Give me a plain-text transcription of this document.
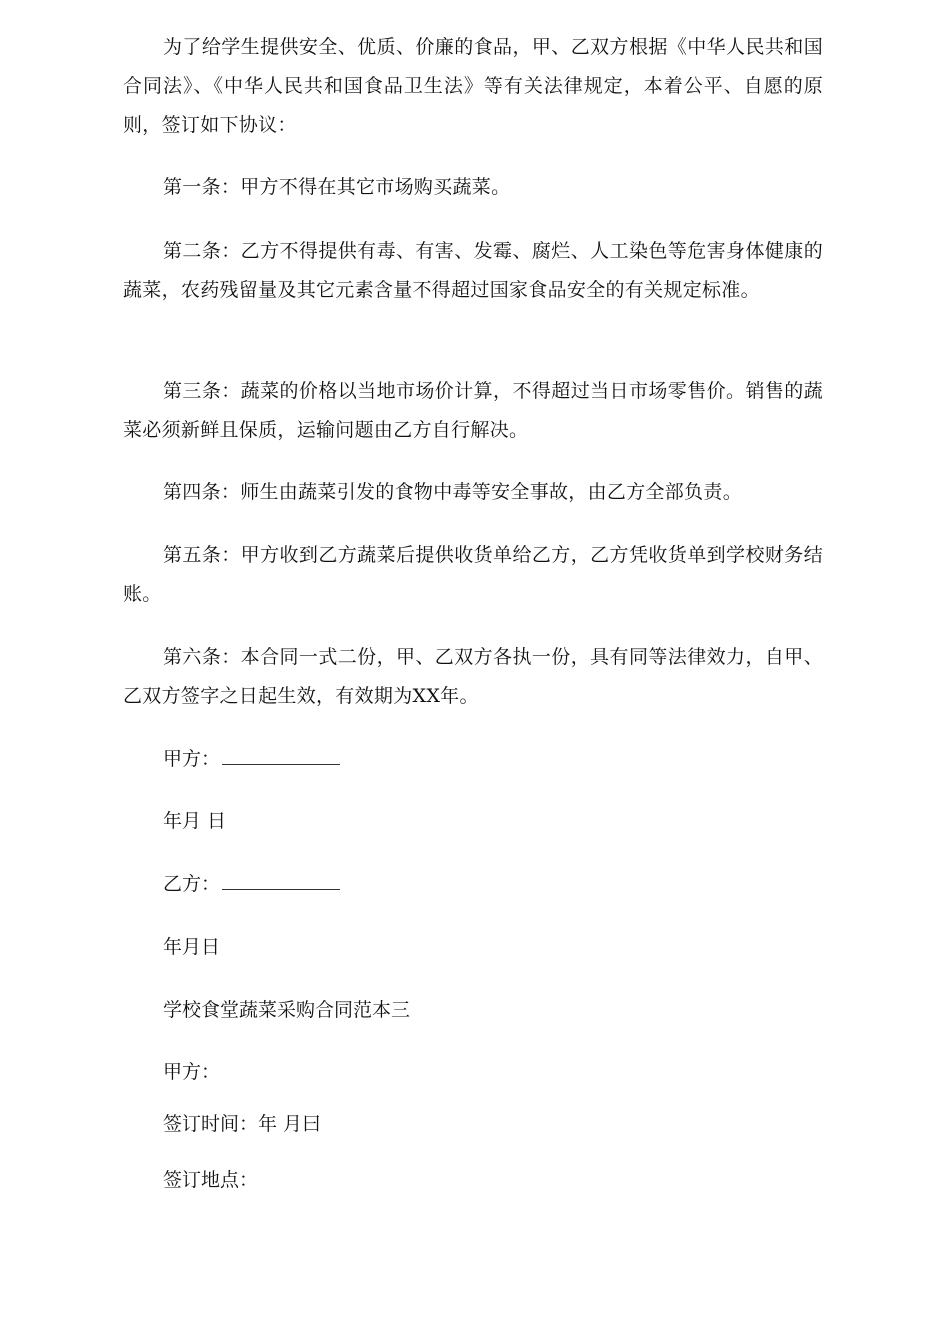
为了给学生提供安全、优质、价廉的食品，甲、乙双方根据《中华人民共和国合同法》、《中华人民共和国食品卫生法》等有关法律规定，本着公平、自愿的原则，签订如下协议：

第一条：甲方不得在其它市场购买蔬菜。

第二条：乙方不得提供有毒、有害、发霉、腐烂、人工染色等危害身体健康的蔬菜，农药残留量及其它元素含量不得超过国家食品安全的有关规定标准。

第三条：蔬菜的价格以当地市场价计算，不得超过当日市场零售价。销售的蔬菜必须新鲜且保质，运输问题由乙方自行解决。

第四条：师生由蔬菜引发的食物中毒等安全事故，由乙方全部负责。

第五条：甲方收到乙方蔬菜后提供收货单给乙方，乙方凭收货单到学校财务结账。

第六条：本合同一式二份，甲、乙双方各执一份，具有同等法律效力，自甲、乙双方签字之日起生效，有效期为XX年。

甲方：

年月 日

乙方：

年月日

学校食堂蔬菜采购合同范本三

甲方：

签订时间：年 月曰

签订地点：
